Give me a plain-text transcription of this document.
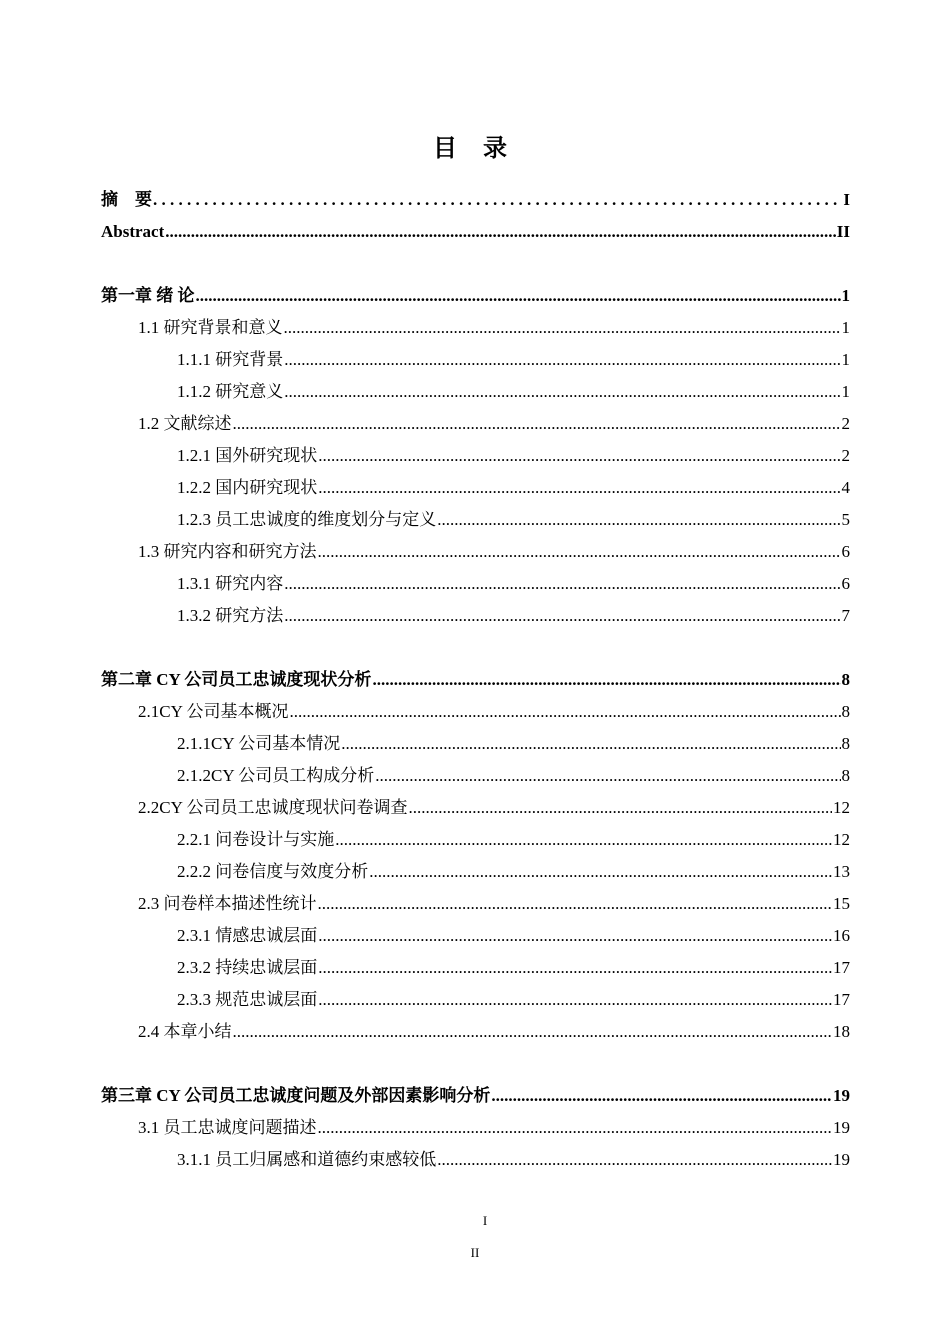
目 录
摘　要 . . .	I
Abstract .....	II
第一章 绪 论 .....	1
1.1 研究背景和意义 .....	1
1.1.1 研究背景 .....	1
1.1.2 研究意义 .....	1
1.2 文献综述 .....	2
1.2.1 国外研究现状 .....	2
1.2.2 国内研究现状 .....	4
1.2.3 员工忠诚度的维度划分与定义 .....	5
1.3 研究内容和研究方法 .....	6
1.3.1 研究内容 .....	6
1.3.2 研究方法 .....	7
第二章 CY 公司员工忠诚度现状分析 .....	8
2.1CY 公司基本概况 .....	8
2.1.1CY 公司基本情况 .....	8
2.1.2CY 公司员工构成分析 .....	8
2.2CY 公司员工忠诚度现状问卷调查 .....	12
2.2.1 问卷设计与实施 .....	12
2.2.2 问卷信度与效度分析 .....	13
2.3 问卷样本描述性统计 .....	15
2.3.1 情感忠诚层面 .....	16
2.3.2 持续忠诚层面 .....	17
2.3.3 规范忠诚层面 .....	17
2.4 本章小结 .....	18
第三章 CY 公司员工忠诚度问题及外部因素影响分析 .....	19
3.1 员工忠诚度问题描述 .....	19
3.1.1 员工归属感和道德约束感较低 .....	19
I
II
